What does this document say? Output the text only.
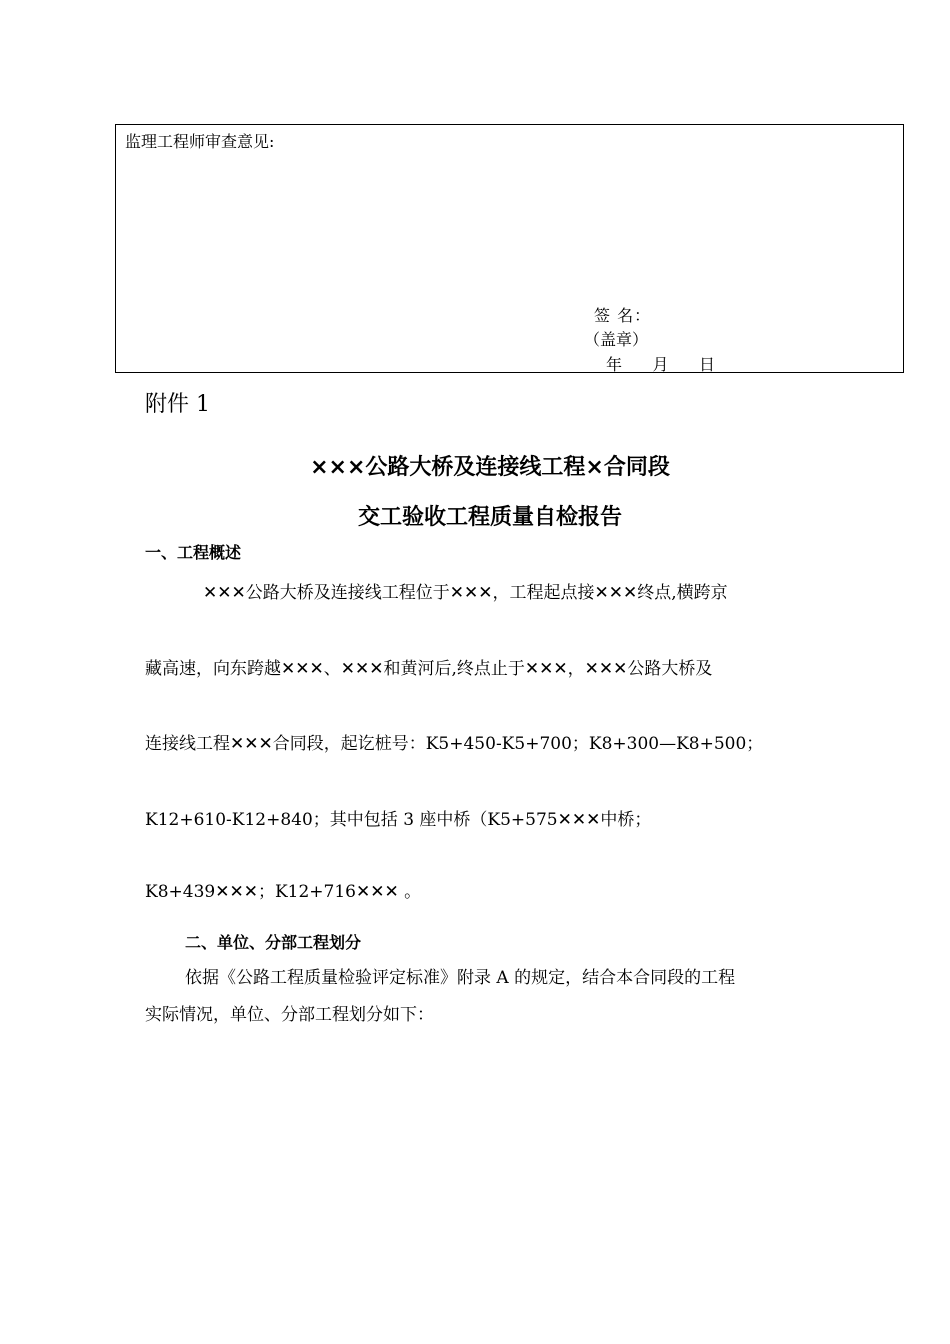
监理工程师审查意见:
签 名：
（盖章）
年      月      日
附件 1
×××公路大桥及连接线工程×合同段
交工验收工程质量自检报告
一、工程概述
✕✕✕公路大桥及连接线工程位于✕✕✕，工程起点接✕✕✕终点,横跨京
藏高速，向东跨越✕✕✕、✕✕✕和黄河后,终点止于✕✕✕，✕✕✕公路大桥及
连接线工程✕✕✕合同段，起讫桩号：K5+450-K5+700；K8+300—K8+500；
K12+610-K12+840；其中包括 3 座中桥（K5+575✕✕✕中桥；
K8+439✕✕✕；K12+716✕✕✕ 。
二、单位、分部工程划分
依据《公路工程质量检验评定标准》附录 A 的规定，结合本合同段的工程
实际情况，单位、分部工程划分如下：
